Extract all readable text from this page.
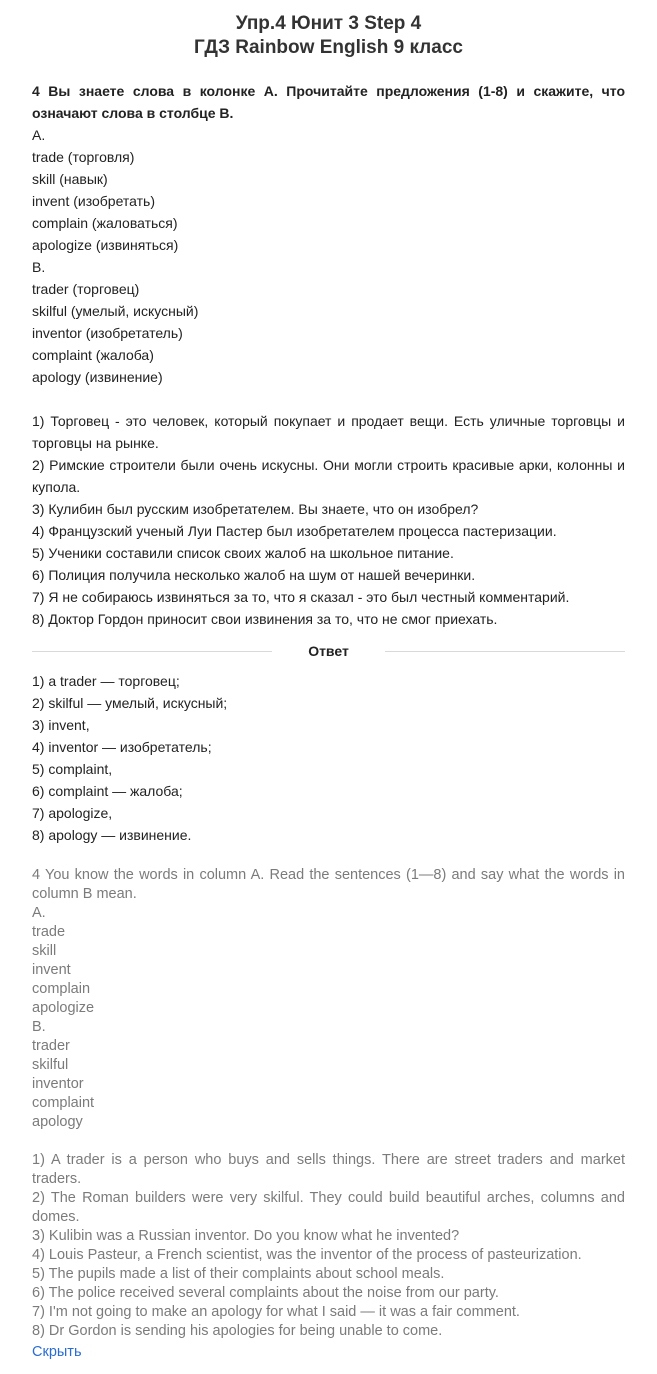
Упр.4 Юнит 3 Step 4
ГДЗ Rainbow English 9 класс
4 Вы знаете слова в колонке А. Прочитайте предложения (1-8) и скажите, что означают слова в столбце В.
А.
trade (торговля)
skill (навык)
invent (изобретать)
complain (жаловаться)
apologize (извиняться)
В.
trader (торговец)
skilful (умелый, искусный)
inventor (изобретатель)
complaint (жалоба)
apology (извинение)
1) Торговец - это человек, который покупает и продает вещи. Есть уличные торговцы и торговцы на рынке.
2) Римские строители были очень искусны. Они могли строить красивые арки, колонны и купола.
3) Кулибин был русским изобретателем. Вы знаете, что он изобрел?
4) Французский ученый Луи Пастер был изобретателем процесса пастеризации.
5) Ученики составили список своих жалоб на школьное питание.
6) Полиция получила несколько жалоб на шум от нашей вечеринки.
7) Я не собираюсь извиняться за то, что я сказал - это был честный комментарий.
8) Доктор Гордон приносит свои извинения за то, что не смог приехать.
Ответ
1) a trader — торговец;
2) skilful — умелый, искусный;
3) invent,
4) inventor — изобретатель;
5) complaint,
6) complaint — жалоба;
7) apologize,
8) apology — извинение.
4 You know the words in column A. Read the sentences (1—8) and say what the words in column B mean.
A.
trade
skill
invent
complain
apologize
B.
trader
skilful
inventor
complaint
apology
1) A trader is a person who buys and sells things. There are street traders and market traders.
2) The Roman builders were very skilful. They could build beautiful arches, columns and domes.
3) Kulibin was a Russian inventor. Do you know what he invented?
4) Louis Pasteur, a French scientist, was the inventor of the process of pasteurization.
5) The pupils made a list of their complaints about school meals.
6) The police received several complaints about the noise from our party.
7) I'm not going to make an apology for what I said — it was a fair comment.
8) Dr Gordon is sending his apologies for being unable to come.
Скрыть
